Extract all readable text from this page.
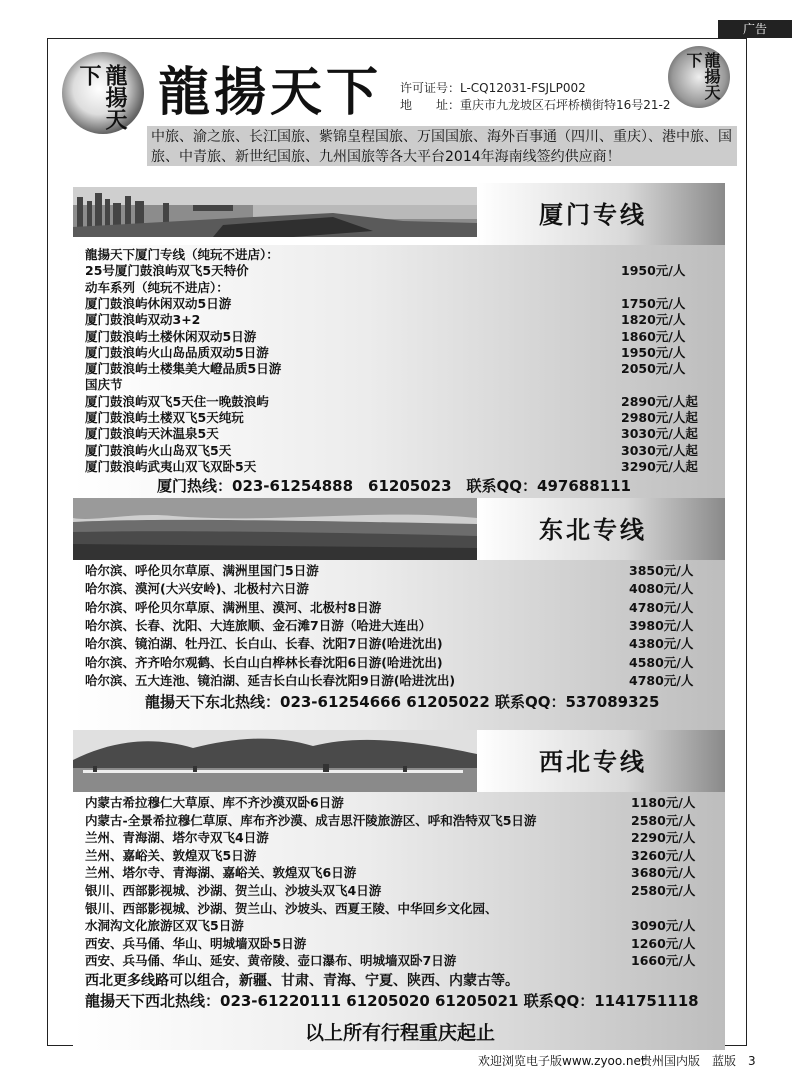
广告
龍揚天下	龍揚天下 许可证号：L-CQ12031-FSJLP002
地　　址：重庆市九龙坡区石坪桥横街特16号21-2
龍揚天下
中旅、渝之旅、长江国旅、紫锦皇程国旅、万国国旅、海外百事通（四川、重庆）、港中旅、国旅、中青旅、新世纪国旅、九州国旅等各大平台2014年海南线签约供应商！
厦门专线
龍揚天下厦门专线（纯玩不进店）：
25号厦门鼓浪屿双飞5天特价	1950元/人
动车系列（纯玩不进店）：
厦门鼓浪屿休闲双动5日游	1750元/人
厦门鼓浪屿双动3+2	1820元/人
厦门鼓浪屿土楼休闲双动5日游	1860元/人
厦门鼓浪屿火山岛品质双动5日游	1950元/人
厦门鼓浪屿土楼集美大嶝品质5日游	2050元/人
国庆节
厦门鼓浪屿双飞5天住一晚鼓浪屿	2890元/人起
厦门鼓浪屿土楼双飞5天纯玩	2980元/人起
厦门鼓浪屿天沐温泉5天	3030元/人起
厦门鼓浪屿火山岛双飞5天	3030元/人起
厦门鼓浪屿武夷山双飞双卧5天	3290元/人起
厦门热线：023-61254888　61205023　联系QQ：497688111
东北专线
哈尔滨、呼伦贝尔草原、满洲里国门5日游	3850元/人
哈尔滨、漠河(大兴安岭)、北极村六日游	4080元/人
哈尔滨、呼伦贝尔草原、满洲里、漠河、北极村8日游	4780元/人
哈尔滨、长春、沈阳、大连旅顺、金石滩7日游（哈进大连出）	3980元/人
哈尔滨、镜泊湖、牡丹江、长白山、长春、沈阳7日游(哈进沈出)	4380元/人
哈尔滨、齐齐哈尔观鹤、长白山白桦林长春沈阳6日游(哈进沈出)	4580元/人
哈尔滨、五大连池、镜泊湖、延吉长白山长春沈阳9日游(哈进沈出)	4780元/人
龍揚天下东北热线：023-61254666 61205022 联系QQ：537089325
西北专线
内蒙古希拉穆仁大草原、库不齐沙漠双卧6日游	1180元/人
内蒙古-全景希拉穆仁草原、库布齐沙漠、成吉思汗陵旅游区、呼和浩特双飞5日游	2580元/人
兰州、青海湖、塔尔寺双飞4日游	2290元/人
兰州、嘉峪关、敦煌双飞5日游	3260元/人
兰州、塔尔寺、青海湖、嘉峪关、敦煌双飞6日游	3680元/人
银川、西部影视城、沙湖、贺兰山、沙坡头双飞4日游	2580元/人
银川、西部影视城、沙湖、贺兰山、沙坡头、西夏王陵、中华回乡文化园、
水洞沟文化旅游区双飞5日游	3090元/人
西安、兵马俑、华山、明城墙双卧5日游	1260元/人
西安、兵马俑、华山、延安、黄帝陵、壶口瀑布、明城墙双卧7日游	1660元/人
西北更多线路可以组合，新疆、甘肃、青海、宁夏、陕西、内蒙古等。
龍揚天下西北热线：023-61220111 61205020 61205021 联系QQ：1141751118
以上所有行程重庆起止
欢迎浏览电子版www.zyoo.net
贵州国内版　蓝版　3
